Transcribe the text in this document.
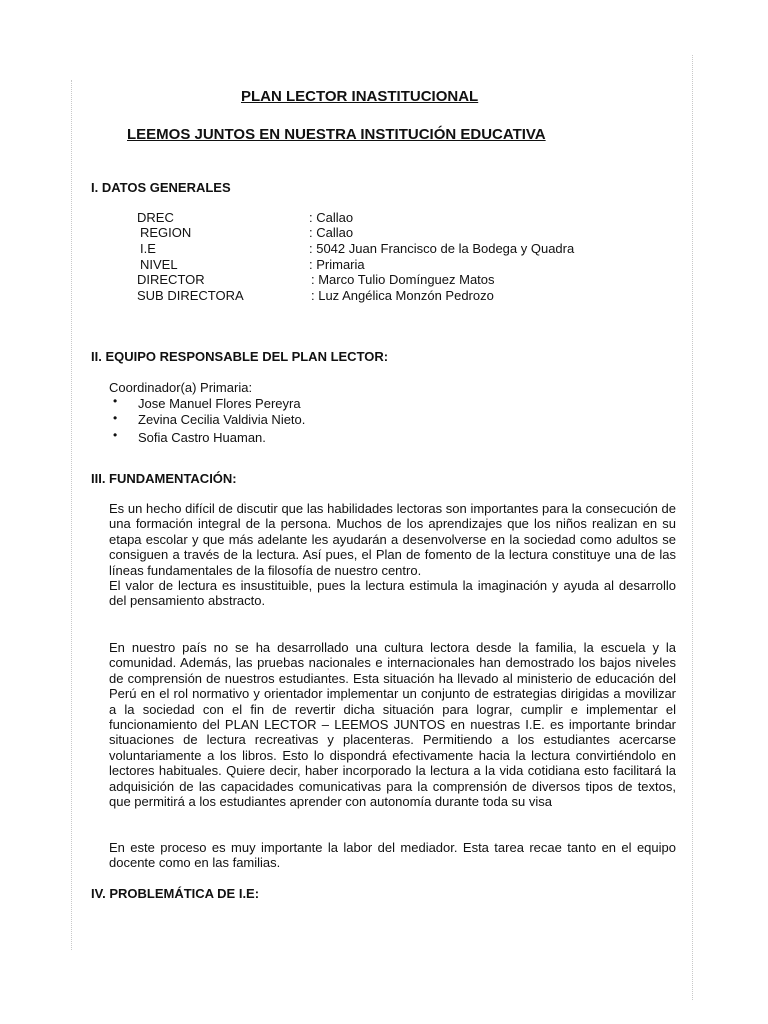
PLAN LECTOR INASTITUCIONAL
LEEMOS JUNTOS EN NUESTRA INSTITUCIÓN EDUCATIVA
I. DATOS GENERALES
DREC	: Callao
REGION	: Callao
I.E	: 5042 Juan Francisco de la Bodega y Quadra
NIVEL	: Primaria
DIRECTOR	: Marco Tulio Domínguez Matos
SUB DIRECTORA	: Luz Angélica Monzón Pedrozo
II. EQUIPO RESPONSABLE DEL PLAN LECTOR:
Coordinador(a) Primaria:
• Jose Manuel Flores Pereyra
• Zevina Cecilia Valdivia Nieto.
• Sofia Castro Huaman.
III. FUNDAMENTACIÓN:
Es un hecho difícil de discutir que las habilidades lectoras son importantes para la consecución de una formación integral de la persona. Muchos de los aprendizajes que los niños realizan en su etapa escolar y que más adelante les ayudarán a desenvolverse en la sociedad como adultos se consiguen a través de la lectura. Así pues, el Plan de fomento de la lectura constituye una de las líneas fundamentales de la filosofía de nuestro centro.
El valor de lectura es insustituible, pues la lectura estimula la imaginación y ayuda al desarrollo del pensamiento abstracto.
En nuestro país no se ha desarrollado una cultura lectora desde la familia, la escuela y la comunidad. Además, las pruebas nacionales e internacionales han demostrado los bajos niveles de comprensión de nuestros estudiantes. Esta situación ha llevado al ministerio de educación del Perú en el rol normativo y orientador implementar un conjunto de estrategias dirigidas a movilizar a la sociedad con el fin de revertir dicha situación para lograr, cumplir e implementar el funcionamiento del PLAN LECTOR – LEEMOS JUNTOS en nuestras I.E. es importante brindar situaciones de lectura recreativas y placenteras. Permitiendo a los estudiantes acercarse voluntariamente a los libros. Esto lo dispondrá efectivamente hacia la lectura convirtiéndolo en lectores habituales. Quiere decir, haber incorporado la lectura a la vida cotidiana esto facilitará la adquisición de las capacidades comunicativas para la comprensión de diversos tipos de textos, que permitirá a los estudiantes aprender con autonomía durante toda su visa
En este proceso es muy importante la labor del mediador. Esta tarea recae tanto en el equipo docente como en las familias.
IV. PROBLEMÁTICA DE I.E:
